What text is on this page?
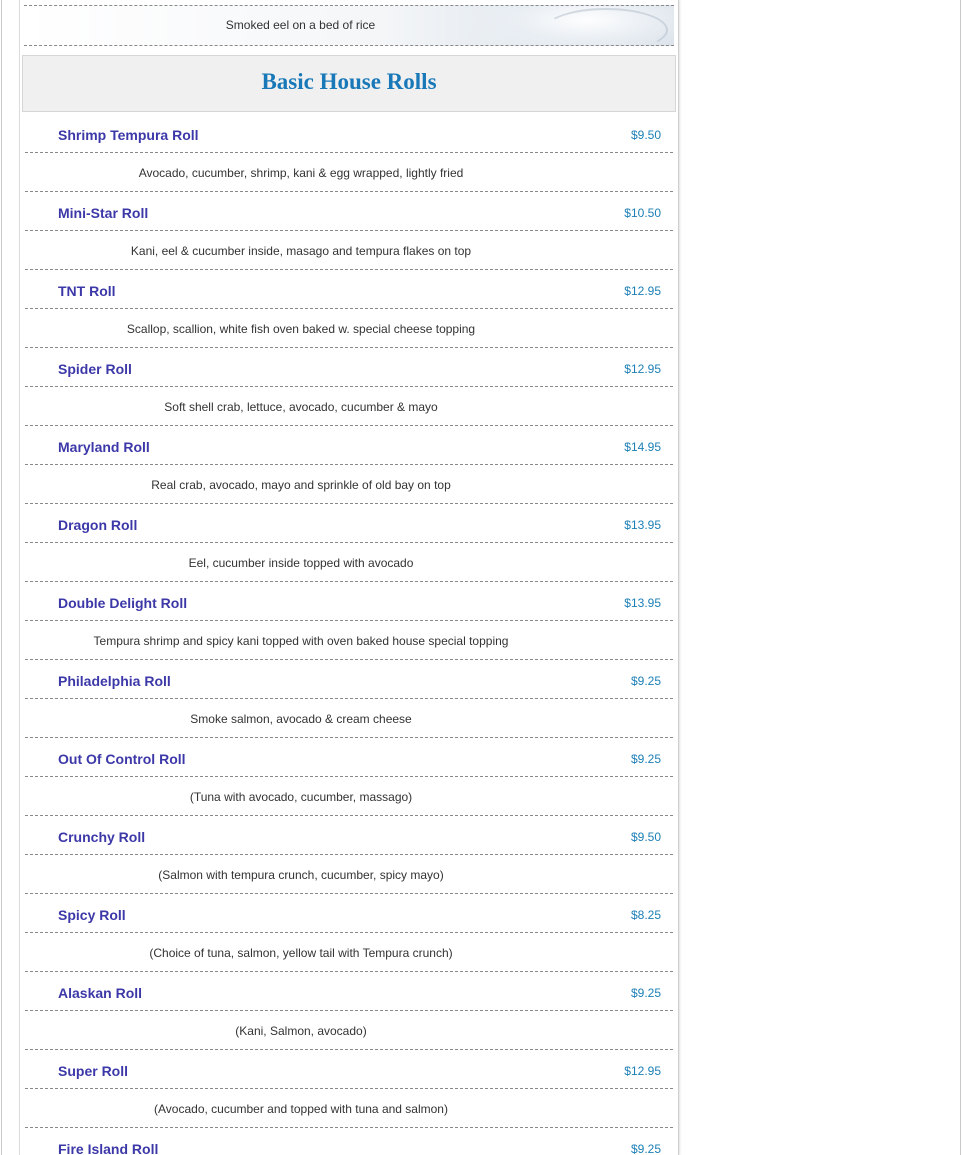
Smoked eel on a bed of rice
Basic House Rolls
Shrimp Tempura Roll	$9.50
Avocado, cucumber, shrimp, kani & egg wrapped, lightly fried
Mini-Star Roll	$10.50
Kani, eel & cucumber inside, masago and tempura flakes on top
TNT Roll	$12.95
Scallop, scallion, white fish oven baked w. special cheese topping
Spider Roll	$12.95
Soft shell crab, lettuce, avocado, cucumber & mayo
Maryland Roll	$14.95
Real crab, avocado, mayo and sprinkle of old bay on top
Dragon Roll	$13.95
Eel, cucumber inside topped with avocado
Double Delight Roll	$13.95
Tempura shrimp and spicy kani topped with oven baked house special topping
Philadelphia Roll	$9.25
Smoke salmon, avocado & cream cheese
Out Of Control Roll	$9.25
(Tuna with avocado, cucumber, massago)
Crunchy Roll	$9.50
(Salmon with tempura crunch, cucumber, spicy mayo)
Spicy Roll	$8.25
(Choice of tuna, salmon, yellow tail with Tempura crunch)
Alaskan Roll	$9.25
(Kani, Salmon, avocado)
Super Roll	$12.95
(Avocado, cucumber and topped with tuna and salmon)
Fire Island Roll	$9.25
